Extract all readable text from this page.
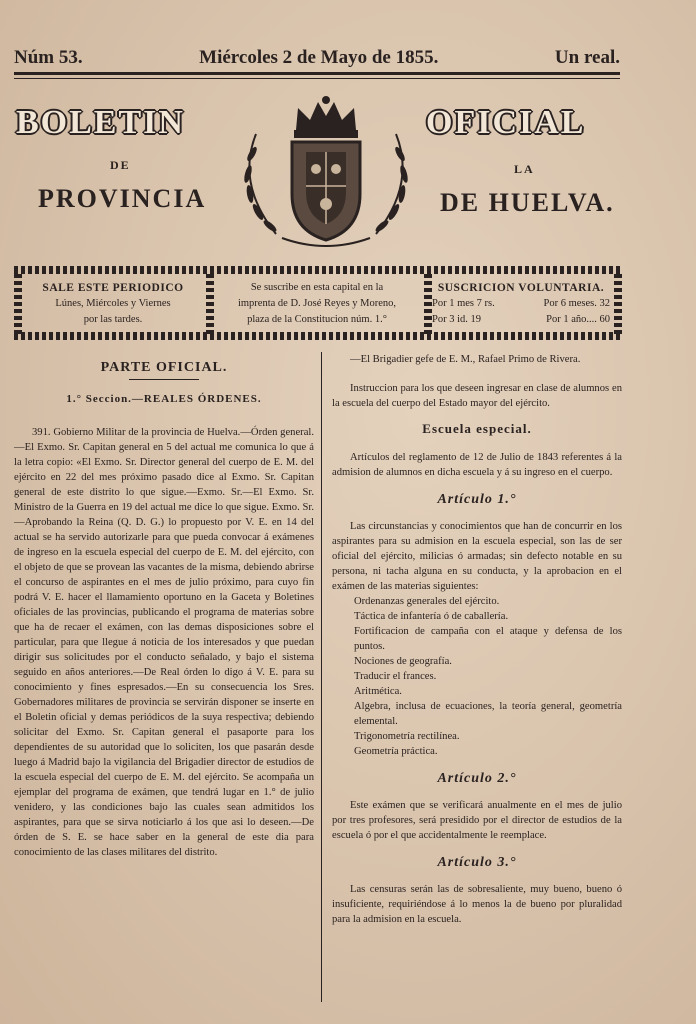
Núm 53.	Miércoles 2 de Mayo de 1855.	Un real.
BOLETIN	OFICIAL
DE	LA
PROVINCIA	DE HUELVA.
SALE ESTE PERIODICO
Lúnes, Miércoles y Viernes
por las tardes.
Se suscribe en esta capital en la
imprenta de D. José Reyes y Moreno,
plaza de la Constitucion núm. 1.°
SUSCRICION VOLUNTARIA.
Por 1 mes 7 rs.	Por 6 meses. 32
Por 3 id. 19	Por 1 año.... 60

PARTE OFICIAL.

1.° Seccion.—REALES ÓRDENES.

391. Gobierno Militar de la provincia de Huelva.—Órden general.—El Exmo. Sr. Capitan general en 5 del actual me comunica lo que á la letra copio: «El Exmo. Sr. Director general del cuerpo de E. M. del ejército en 22 del mes próximo pasado dice al Exmo. Sr. Capitan general de este distrito lo que sigue.—Exmo. Sr.—El Exmo. Sr. Ministro de la Guerra en 19 del actual me dice lo que sigue. Exmo. Sr.—Aprobando la Reina (Q. D. G.) lo propuesto por V. E. en 14 del actual se ha servido autorizarle para que pueda convocar á exámenes de ingreso en la escuela especial del cuerpo de E. M. del ejército, con el objeto de que se provean las vacantes de la misma, debiendo abrirse el concurso de aspirantes en el mes de julio próximo, para cuyo fin podrá V. E. hacer el llamamiento oportuno en la Gaceta y Boletines oficiales de las provincias, publicando el programa de materias sobre que ha de recaer el exámen, con las demas disposiciones sobre el particular, para que llegue á noticia de los interesados y que puedan dirigir sus solicitudes por el conducto señalado, y bajo el sistema seguido en años anteriores.—De Real órden lo digo á V. E. para su conocimiento y fines espresados.—En su consecuencia los Sres. Gobernadores militares de provincia se servirán disponer se inserte en el Boletin oficial y demas periódicos de la suya respectiva; debiendo solicitar del Exmo. Sr. Capitan general el pasaporte para los dependientes de su autoridad que lo soliciten, los que pasarán desde luego á Madrid bajo la vigilancia del Brigadier director de estudios de la escuela especial del cuerpo de E. M. del ejército. Se acompaña un ejemplar del programa de exámen, que tendrá lugar en 1.° de julio venidero, y las condiciones bajo las cuales sean admitidos los aspirantes, para que se sirva noticiarlo á los que asi lo deseen.—De órden de S. E. se hace saber en la general de este dia para conocimiento de las clases militares del distrito.

—El Brigadier gefe de E. M., Rafael Primo de Rivera.

Instruccion para los que deseen ingresar en clase de alumnos en la escuela del cuerpo del Estado mayor del ejército.

Escuela especial.

Artículos del reglamento de 12 de Julio de 1843 referentes á la admision de alumnos en dicha escuela y á su ingreso en el cuerpo.

Artículo 1.°

Las circunstancias y conocimientos que han de concurrir en los aspirantes para su admision en la escuela especial, son las de ser oficial del ejército, milicias ó armadas; sin defecto notable en su persona, ni tacha alguna en su conducta, y la aprobacion en el exámen de las materias siguientes:

Ordenanzas generales del ejército.

Táctica de infantería ó de caballería.

Fortificacion de campaña con el ataque y defensa de los puntos.

Nociones de geografía.

Traducir el frances.

Aritmética.

Algebra, inclusa de ecuaciones, la teoría general, geometría elemental.

Trigonometría rectilínea.

Geometría práctica.

Artículo 2.°

Este exámen que se verificará anualmente en el mes de julio por tres profesores, será presidido por el director de estudios de la escuela ó por el que accidentalmente le reemplace.

Artículo 3.°

Las censuras serán las de sobresaliente, muy bueno, bueno ó insuficiente, requiriéndose á lo menos la de bueno por pluralidad para la admision en la escuela.
